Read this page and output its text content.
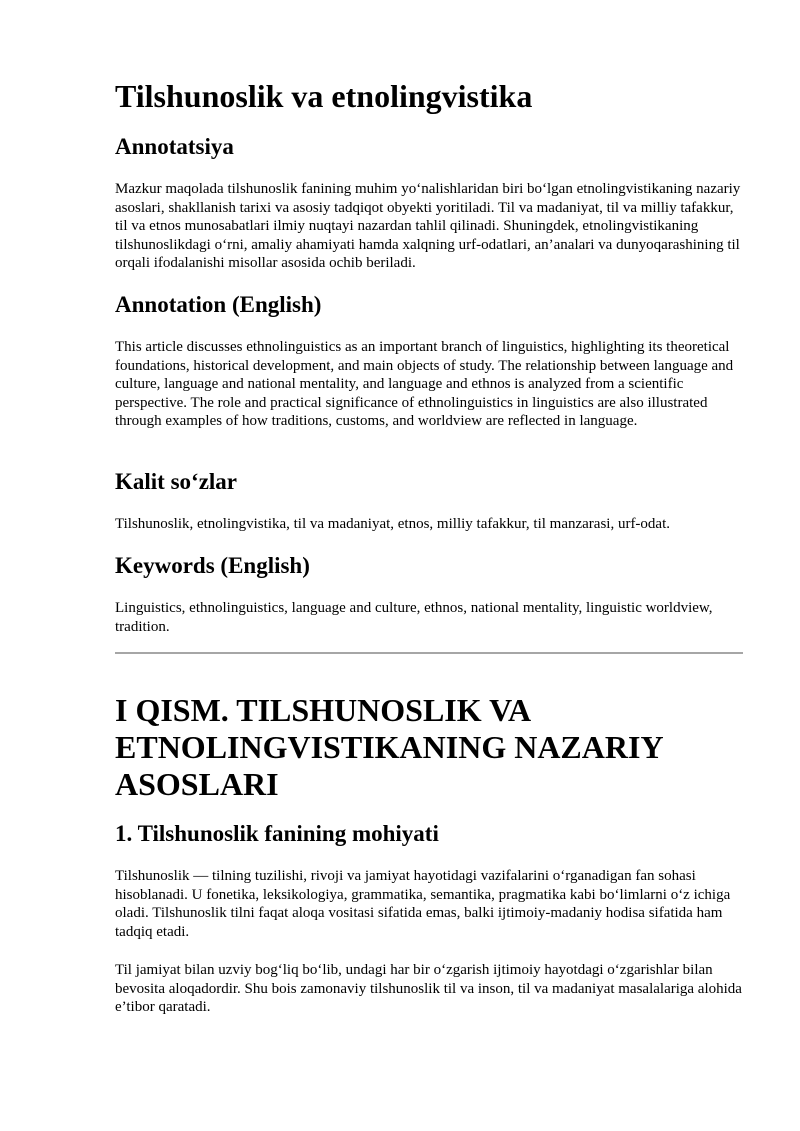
Tilshunoslik va etnolingvistika
Annotatsiya

Mazkur maqolada tilshunoslik fanining muhim yo‘nalishlaridan biri bo‘lgan etnolingvistikaning nazariy asoslari, shakllanish tarixi va asosiy tadqiqot obyekti yoritiladi. Til va madaniyat, til va milliy tafakkur, til va etnos munosabatlari ilmiy nuqtayi nazardan tahlil qilinadi. Shuningdek, etnolingvistikaning tilshunoslikdagi o‘rni, amaliy ahamiyati hamda xalqning urf-odatlari, an’analari va dunyoqarashining til orqali ifodalanishi misollar asosida ochib beriladi.

Annotation (English)

This article discusses ethnolinguistics as an important branch of linguistics, highlighting its theoretical foundations, historical development, and main objects of study. The relationship between language and culture, language and national mentality, and language and ethnos is analyzed from a scientific perspective. The role and practical significance of ethnolinguistics in linguistics are also illustrated through examples of how traditions, customs, and worldview are reflected in language.

Kalit so‘zlar

Tilshunoslik, etnolingvistika, til va madaniyat, etnos, milliy tafakkur, til manzarasi, urf-odat.

Keywords (English)

Linguistics, ethnolinguistics, language and culture, ethnos, national mentality, linguistic worldview, tradition.

I QISM. TILSHUNOSLIK VA ETNOLINGVISTIKANING NAZARIY ASOSLARI
1. Tilshunoslik fanining mohiyati

Tilshunoslik — tilning tuzilishi, rivoji va jamiyat hayotidagi vazifalarini o‘rganadigan fan sohasi hisoblanadi. U fonetika, leksikologiya, grammatika, semantika, pragmatika kabi bo‘limlarni o‘z ichiga oladi. Tilshunoslik tilni faqat aloqa vositasi sifatida emas, balki ijtimoiy-madaniy hodisa sifatida ham tadqiq etadi.

Til jamiyat bilan uzviy bog‘liq bo‘lib, undagi har bir o‘zgarish ijtimoiy hayotdagi o‘zgarishlar bilan bevosita aloqadordir. Shu bois zamonaviy tilshunoslik til va inson, til va madaniyat masalalariga alohida e’tibor qaratadi.
